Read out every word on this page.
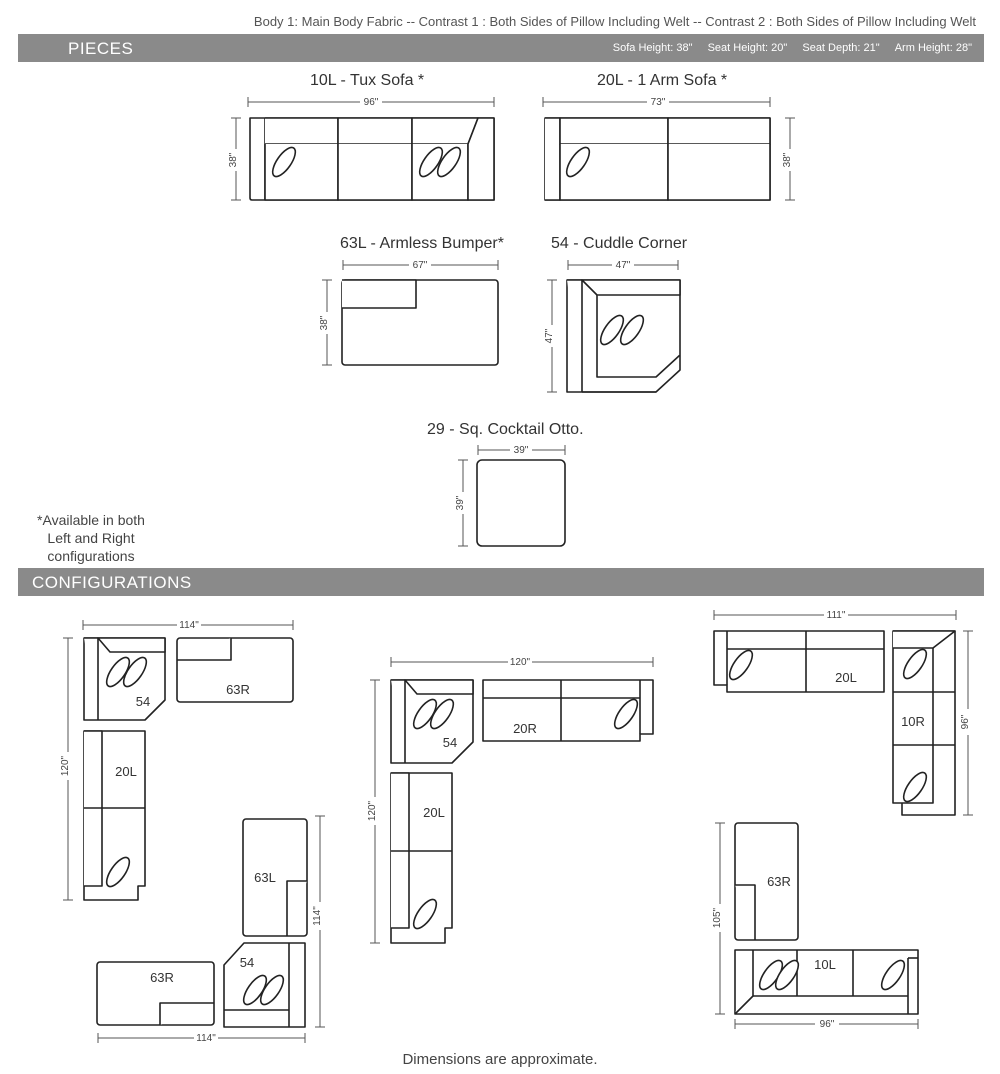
Body 1: Main Body Fabric -- Contrast 1 : Both Sides of Pillow Including Welt -- Contrast 2 : Both Sides of Pillow Including Welt
PIECES	Sofa Height: 38" Seat Height: 20" Seat Depth: 21" Arm Height: 28"
10L - Tux Sofa *	20L - 1 Arm Sofa *
63L - Armless Bumper*	54 - Cuddle Corner
29 - Sq. Cocktail Otto.
*Available in both Left and Right configurations
CONFIGURATIONS
Dimensions are approximate.
96"
38"
73"
38"
67"
38"
47"
47"
39"
39"
114"
120"
54
63R
20L
63L
114"
54
63R
114"
120"
120"
54
20R
20L
111"
20L
10R	96"
63R
105"
10L
96"
